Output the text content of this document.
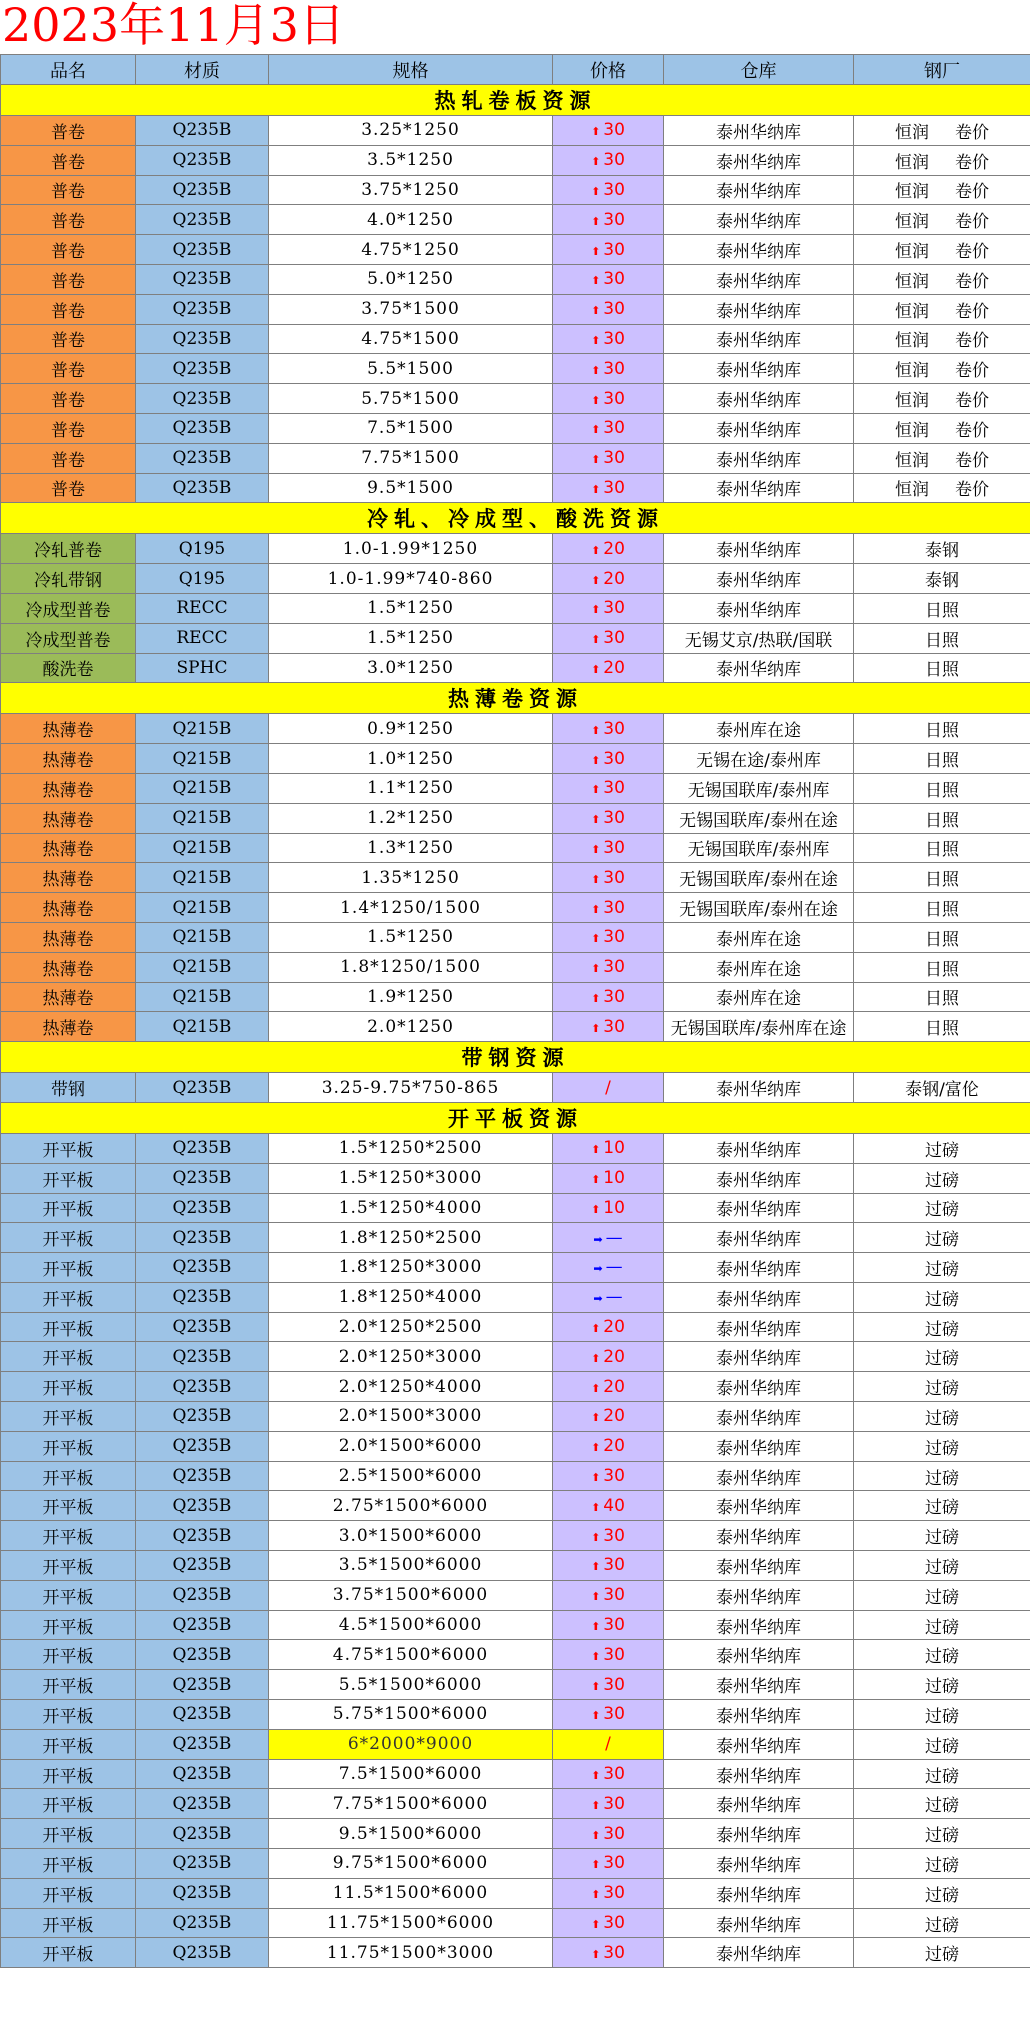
2023年11月3日
品名	材质	规格	价格	仓库	钢厂
热轧卷板资源					
普卷	Q235B	3.25*1250	⬆ 30	泰州华纳库	恒润 卷价
普卷	Q235B	3.5*1250	⬆ 30	泰州华纳库	恒润 卷价
普卷	Q235B	3.75*1250	⬆ 30	泰州华纳库	恒润 卷价
普卷	Q235B	4.0*1250	⬆ 30	泰州华纳库	恒润 卷价
普卷	Q235B	4.75*1250	⬆ 30	泰州华纳库	恒润 卷价
普卷	Q235B	5.0*1250	⬆ 30	泰州华纳库	恒润 卷价
普卷	Q235B	3.75*1500	⬆ 30	泰州华纳库	恒润 卷价
普卷	Q235B	4.75*1500	⬆ 30	泰州华纳库	恒润 卷价
普卷	Q235B	5.5*1500	⬆ 30	泰州华纳库	恒润 卷价
普卷	Q235B	5.75*1500	⬆ 30	泰州华纳库	恒润 卷价
普卷	Q235B	7.5*1500	⬆ 30	泰州华纳库	恒润 卷价
普卷	Q235B	7.75*1500	⬆ 30	泰州华纳库	恒润 卷价
普卷	Q235B	9.5*1500	⬆ 30	泰州华纳库	恒润 卷价
冷轧、冷成型、酸洗资源					
冷轧普卷	Q195	1.0-1.99*1250	⬆ 20	泰州华纳库	泰钢
冷轧带钢	Q195	1.0-1.99*740-860	⬆ 20	泰州华纳库	泰钢
冷成型普卷	RECC	1.5*1250	⬆ 30	泰州华纳库	日照
冷成型普卷	RECC	1.5*1250	⬆ 30	无锡艾京/热联/国联	日照
酸洗卷	SPHC	3.0*1250	⬆ 20	泰州华纳库	日照
热薄卷资源					
热薄卷	Q215B	0.9*1250	⬆ 30	泰州库在途	日照
热薄卷	Q215B	1.0*1250	⬆ 30	无锡在途/泰州库	日照
热薄卷	Q215B	1.1*1250	⬆ 30	无锡国联库/泰州库	日照
热薄卷	Q215B	1.2*1250	⬆ 30	无锡国联库/泰州在途	日照
热薄卷	Q215B	1.3*1250	⬆ 30	无锡国联库/泰州库	日照
热薄卷	Q215B	1.35*1250	⬆ 30	无锡国联库/泰州在途	日照
热薄卷	Q215B	1.4*1250/1500	⬆ 30	无锡国联库/泰州在途	日照
热薄卷	Q215B	1.5*1250	⬆ 30	泰州库在途	日照
热薄卷	Q215B	1.8*1250/1500	⬆ 30	泰州库在途	日照
热薄卷	Q215B	1.9*1250	⬆ 30	泰州库在途	日照
热薄卷	Q215B	2.0*1250	⬆ 30	无锡国联库/泰州库在途	日照
带钢资源					
带钢	Q235B	3.25-9.75*750-865	/	泰州华纳库	泰钢/富伦
开平板资源					
开平板	Q235B	1.5*1250*2500	⬆ 10	泰州华纳库	过磅
开平板	Q235B	1.5*1250*3000	⬆ 10	泰州华纳库	过磅
开平板	Q235B	1.5*1250*4000	⬆ 10	泰州华纳库	过磅
开平板	Q235B	1.8*1250*2500	➡ —	泰州华纳库	过磅
开平板	Q235B	1.8*1250*3000	➡ —	泰州华纳库	过磅
开平板	Q235B	1.8*1250*4000	➡ —	泰州华纳库	过磅
开平板	Q235B	2.0*1250*2500	⬆ 20	泰州华纳库	过磅
开平板	Q235B	2.0*1250*3000	⬆ 20	泰州华纳库	过磅
开平板	Q235B	2.0*1250*4000	⬆ 20	泰州华纳库	过磅
开平板	Q235B	2.0*1500*3000	⬆ 20	泰州华纳库	过磅
开平板	Q235B	2.0*1500*6000	⬆ 20	泰州华纳库	过磅
开平板	Q235B	2.5*1500*6000	⬆ 30	泰州华纳库	过磅
开平板	Q235B	2.75*1500*6000	⬆ 40	泰州华纳库	过磅
开平板	Q235B	3.0*1500*6000	⬆ 30	泰州华纳库	过磅
开平板	Q235B	3.5*1500*6000	⬆ 30	泰州华纳库	过磅
开平板	Q235B	3.75*1500*6000	⬆ 30	泰州华纳库	过磅
开平板	Q235B	4.5*1500*6000	⬆ 30	泰州华纳库	过磅
开平板	Q235B	4.75*1500*6000	⬆ 30	泰州华纳库	过磅
开平板	Q235B	5.5*1500*6000	⬆ 30	泰州华纳库	过磅
开平板	Q235B	5.75*1500*6000	⬆ 30	泰州华纳库	过磅
开平板	Q235B	6*2000*9000	/	泰州华纳库	过磅
开平板	Q235B	7.5*1500*6000	⬆ 30	泰州华纳库	过磅
开平板	Q235B	7.75*1500*6000	⬆ 30	泰州华纳库	过磅
开平板	Q235B	9.5*1500*6000	⬆ 30	泰州华纳库	过磅
开平板	Q235B	9.75*1500*6000	⬆ 30	泰州华纳库	过磅
开平板	Q235B	11.5*1500*6000	⬆ 30	泰州华纳库	过磅
开平板	Q235B	11.75*1500*6000	⬆ 30	泰州华纳库	过磅
开平板	Q235B	11.75*1500*3000	⬆ 30	泰州华纳库	过磅
